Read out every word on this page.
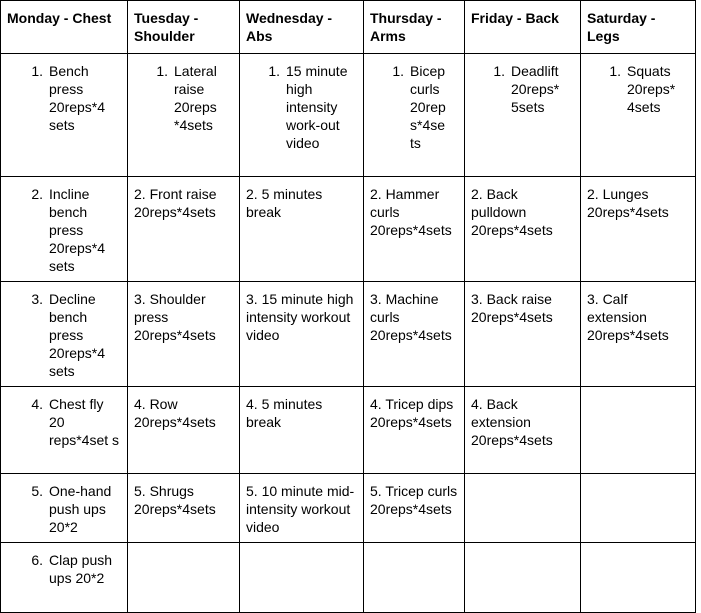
Monday - Chest	Tuesday - Shoulder	Wednesday - Abs	Thursday - Arms	Friday - Back	Saturday - Legs

1. Bench press 20reps*4 sets	1. Lateral raise 20reps *4sets	1. 15 minute high intensity work-out video	1. Bicep curls 20rep s*4se ts	1. Deadlift 20reps* 5sets	1. Squats 20reps* 4sets

2. Incline bench press 20reps*4 sets	2. Front raise 20reps*4sets	2. 5 minutes break	2. Hammer curls 20reps*4sets	2. Back pulldown 20reps*4sets	2. Lunges 20reps*4sets

3. Decline bench press 20reps*4 sets	3. Shoulder press 20reps*4sets	3. 15 minute high intensity workout video	3. Machine curls 20reps*4sets	3. Back raise 20reps*4sets	3. Calf extension 20reps*4sets

4. Chest fly 20 reps*4set s	4. Row 20reps*4sets	4. 5 minutes break	4. Tricep dips 20reps*4sets	4. Back extension 20reps*4sets	

5. One-hand push ups 20*2	5. Shrugs 20reps*4sets	5. 10 minute mid-intensity workout video	5. Tricep curls 20reps*4sets		

6. Clap push ups 20*2					
